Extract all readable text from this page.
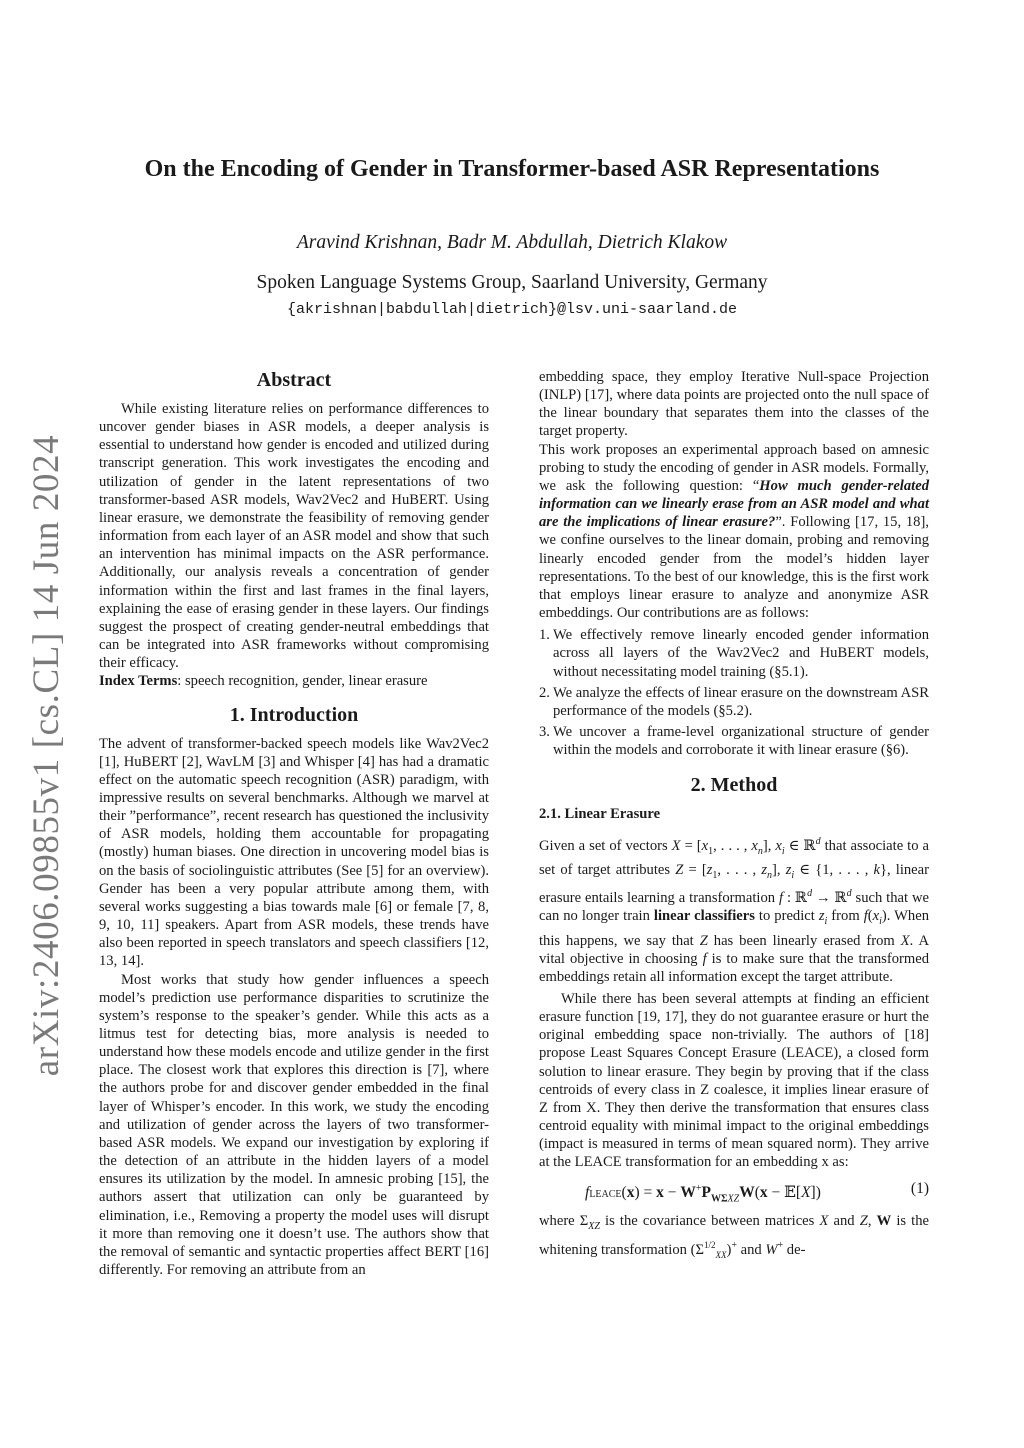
arXiv:2406.09855v1 [cs.CL] 14 Jun 2024
On the Encoding of Gender in Transformer-based ASR Representations
Aravind Krishnan, Badr M. Abdullah, Dietrich Klakow
Spoken Language Systems Group, Saarland University, Germany
{akrishnan|babdullah|dietrich}@lsv.uni-saarland.de
Abstract

While existing literature relies on performance differences to uncover gender biases in ASR models, a deeper analysis is essential to understand how gender is encoded and utilized during transcript generation. This work investigates the encoding and utilization of gender in the latent representations of two transformer-based ASR models, Wav2Vec2 and HuBERT. Using linear erasure, we demonstrate the feasibility of removing gender information from each layer of an ASR model and show that such an intervention has minimal impacts on the ASR performance. Additionally, our analysis reveals a concentration of gender information within the first and last frames in the final layers, explaining the ease of erasing gender in these layers. Our findings suggest the prospect of creating gender-neutral embeddings that can be integrated into ASR frameworks without compromising their efficacy.

Index Terms: speech recognition, gender, linear erasure

1. Introduction

The advent of transformer-backed speech models like Wav2Vec2 [1], HuBERT [2], WavLM [3] and Whisper [4] has had a dramatic effect on the automatic speech recognition (ASR) paradigm, with impressive results on several benchmarks. Although we marvel at their ”performance”, recent research has questioned the inclusivity of ASR models, holding them accountable for propagating (mostly) human biases. One direction in uncovering model bias is on the basis of sociolinguistic attributes (See [5] for an overview). Gender has been a very popular attribute among them, with several works suggesting a bias towards male [6] or female [7, 8, 9, 10, 11] speakers. Apart from ASR models, these trends have also been reported in speech translators and speech classifiers [12, 13, 14].

Most works that study how gender influences a speech model’s prediction use performance disparities to scrutinize the system’s response to the speaker’s gender. While this acts as a litmus test for detecting bias, more analysis is needed to understand how these models encode and utilize gender in the first place. The closest work that explores this direction is [7], where the authors probe for and discover gender embedded in the final layer of Whisper’s encoder. In this work, we study the encoding and utilization of gender across the layers of two transformer-based ASR models. We expand our investigation by exploring if the detection of an attribute in the hidden layers of a model ensures its utilization by the model. In amnesic probing [15], the authors assert that utilization can only be guaranteed by elimination, i.e., Removing a property the model uses will disrupt it more than removing one it doesn’t use. The authors show that the removal of semantic and syntactic properties affect BERT [16] differently. For removing an attribute from an

embedding space, they employ Iterative Null-space Projection (INLP) [17], where data points are projected onto the null space of the linear boundary that separates them into the classes of the target property.

This work proposes an experimental approach based on amnesic probing to study the encoding of gender in ASR models. Formally, we ask the following question: “How much gender-related information can we linearly erase from an ASR model and what are the implications of linear erasure?”. Following [17, 15, 18], we confine ourselves to the linear domain, probing and removing linearly encoded gender from the model’s hidden layer representations. To the best of our knowledge, this is the first work that employs linear erasure to analyze and anonymize ASR embeddings. Our contributions are as follows:

1. We effectively remove linearly encoded gender information across all layers of the Wav2Vec2 and HuBERT models, without necessitating model training (§5.1).
2. We analyze the effects of linear erasure on the downstream ASR performance of the models (§5.2).
3. We uncover a frame-level organizational structure of gender within the models and corroborate it with linear erasure (§6).
2. Method
2.1. Linear Erasure

Given a set of vectors $X = [x_1$, . . . , $x_n$], $x_i$ ∈ ℝ$^d$ that associate to a set of target attributes $Z = [z_1$, . . . , $z_n$], $z_i$ ∈ {1, . . . , k}, linear erasure entails learning a transformation f : ℝ$^d$ → ℝ$^d$ such that we can no longer train linear classifiers to predict $z_i$ from $f(x_i)$. When this happens, we say that Z has been linearly erased from X. A vital objective in choosing f is to make sure that the transformed embeddings retain all information except the target attribute.

While there has been several attempts at finding an efficient erasure function [19, 17], they do not guarantee erasure or hurt the original embedding space non-trivially. The authors of [18] propose Least Squares Concept Erasure (LEACE), a closed form solution to linear erasure. They begin by proving that if the class centroids of every class in Z coalesce, it implies linear erasure of Z from X. They then derive the transformation that ensures class centroid equality with minimal impact to the original embeddings (impact is measured in terms of mean squared norm). They arrive at the LEACE transformation for an embedding x as:

fLEACE(x) = $x - W^+P_{W\Sigma XZ}W(x$ − 𝔼[X])	(1)

where $\Sigma_{XZ}$ is the covariance between matrices X and Z, W is the whitening transformation $(\Sigma^{1/2}_{XX})^+$ and W+ de-
